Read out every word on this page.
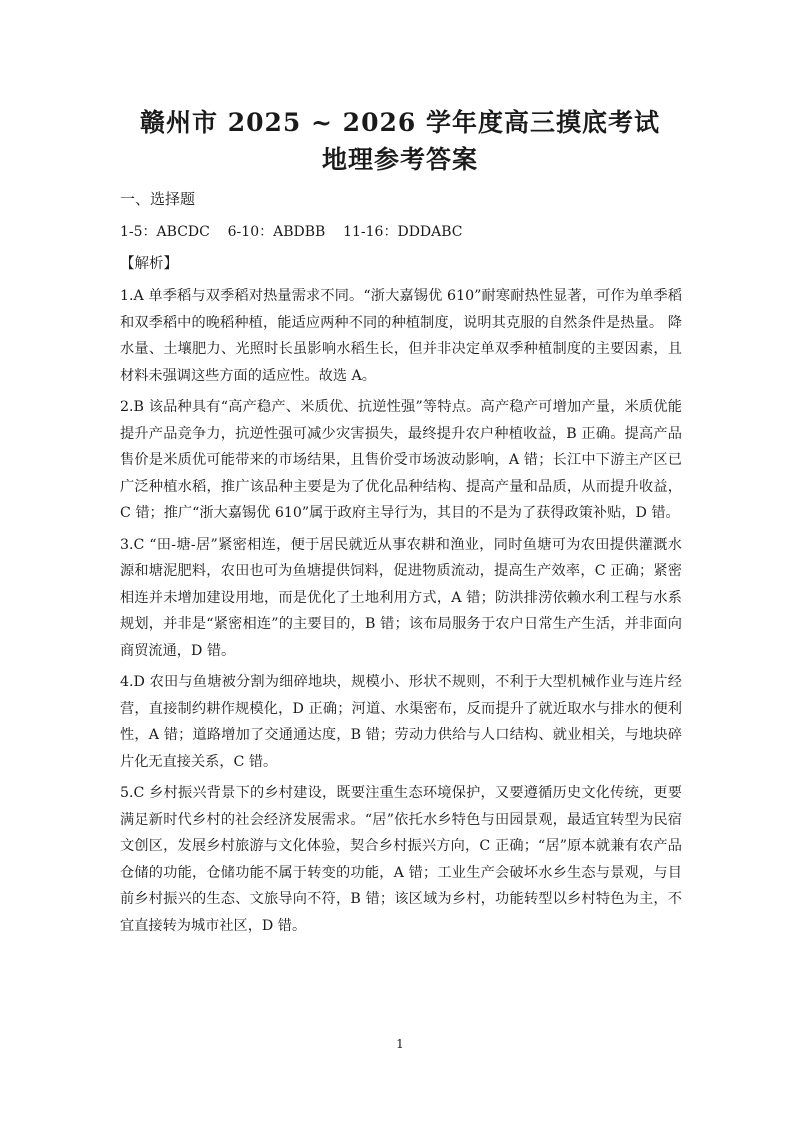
赣州市 2025 ~ 2026 学年度高三摸底考试
地理参考答案
一、选择题
1-5：ABCDC    6-10：ABDBB    11-16：DDDABC
【解析】

1.A 单季稻与双季稻对热量需求不同。“浙大嘉锡优 610”耐寒耐热性显著，可作为单季稻和双季稻中的晚稻种植，能适应两种不同的种植制度，说明其克服的自然条件是热量。 降水量、土壤肥力、光照时长虽影响水稻生长，但并非决定单双季种植制度的主要因素，且材料未强调这些方面的适应性。故选 A。

2.B 该品种具有“高产稳产、米质优、抗逆性强”等特点。高产稳产可增加产量，米质优能提升产品竞争力，抗逆性强可减少灾害损失，最终提升农户种植收益，B 正确。提高产品售价是米质优可能带来的市场结果，且售价受市场波动影响，A 错；长江中下游主产区已广泛种植水稻，推广该品种主要是为了优化品种结构、提高产量和品质，从而提升收益，C 错；推广“浙大嘉锡优 610”属于政府主导行为，其目的不是为了获得政策补贴，D 错。

3.C “田-塘-居”紧密相连，便于居民就近从事农耕和渔业，同时鱼塘可为农田提供灌溉水源和塘泥肥料，农田也可为鱼塘提供饲料，促进物质流动，提高生产效率，C 正确；紧密相连并未增加建设用地，而是优化了土地利用方式，A 错；防洪排涝依赖水利工程与水系规划，并非是“紧密相连”的主要目的，B 错；该布局服务于农户日常生产生活，并非面向商贸流通，D 错。

4.D 农田与鱼塘被分割为细碎地块，规模小、形状不规则，不利于大型机械作业与连片经营，直接制约耕作规模化，D 正确；河道、水渠密布，反而提升了就近取水与排水的便利性，A 错；道路增加了交通通达度，B 错；劳动力供给与人口结构、就业相关，与地块碎片化无直接关系，C 错。

5.C 乡村振兴背景下的乡村建设，既要注重生态环境保护，又要遵循历史文化传统，更要满足新时代乡村的社会经济发展需求。“居”依托水乡特色与田园景观，最适宜转型为民宿文创区，发展乡村旅游与文化体验，契合乡村振兴方向，C 正确；“居”原本就兼有农产品仓储的功能，仓储功能不属于转变的功能，A 错；工业生产会破坏水乡生态与景观，与目前乡村振兴的生态、文旅导向不符，B 错；该区域为乡村，功能转型以乡村特色为主，不宜直接转为城市社区，D 错。

1
